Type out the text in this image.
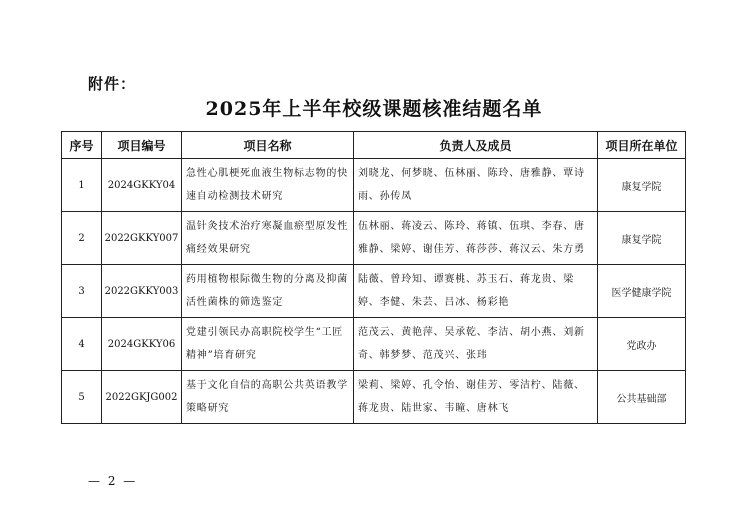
附件：
2025年上半年校级课题核准结题名单
序号	项目编号	项目名称	负责人及成员	项目所在单位
1	2024GKKY04	急性心肌梗死血液生物标志物的快速自动检测技术研究	刘晓龙、何梦晓、伍林丽、陈玲、唐雅静、覃诗雨、孙传凤	康复学院
2	2022GKKY007	温针灸技术治疗寒凝血瘀型原发性痛经效果研究	伍林丽、蒋凌云、陈玲、蒋镇、伍琪、李春、唐雅静、梁婷、谢佳芳、蒋莎莎、蒋汉云、朱方勇	康复学院
3	2022GKKY003	药用植物根际微生物的分离及抑菌活性菌株的筛选鉴定	陆薇、曾玲知、谭赛桃、苏玉石、蒋龙贵、梁婷、李健、朱芸、吕冰、杨彩艳	医学健康学院
4	2024GKKY06	党建引领民办高职院校学生“工匠精神”培育研究	范茂云、黄艳萍、吴承乾、李洁、胡小燕、刘新奇、韩梦梦、范茂兴、张玮	党政办
5	2022GKJG002	基于文化自信的高职公共英语教学策略研究	梁莉、梁婷、孔令怡、谢佳芳、零洁柠、陆薇、蒋龙贵、陆世家、韦瞳、唐林飞	公共基础部
— 2 —
